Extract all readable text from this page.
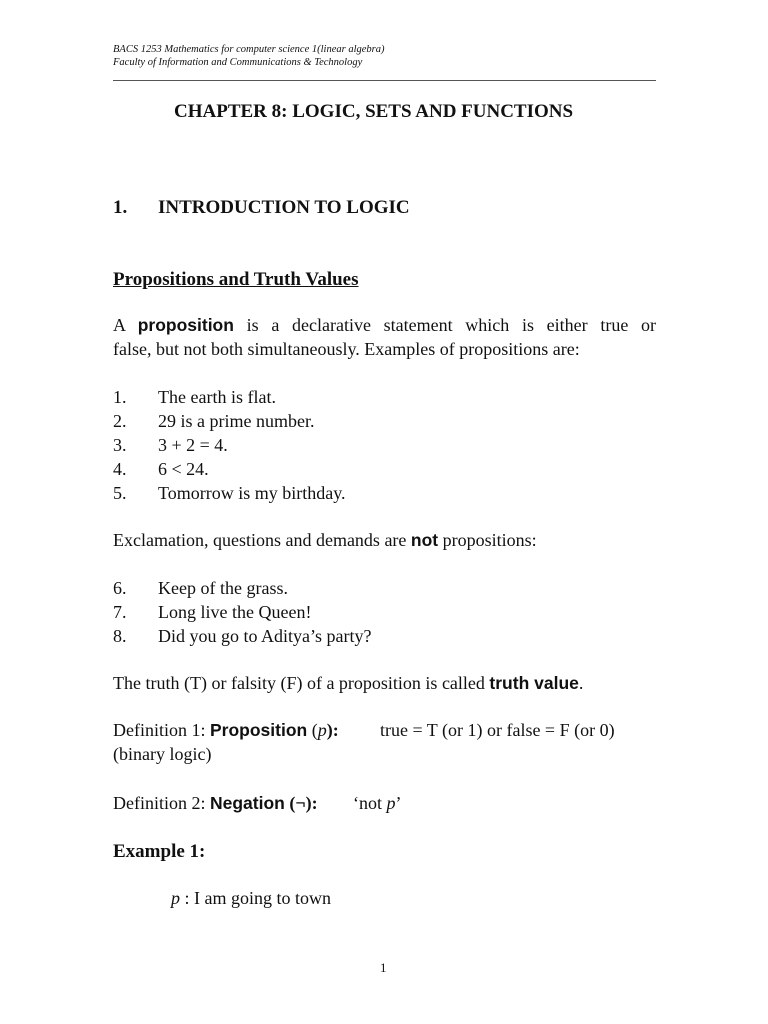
BACS 1253 Mathematics for computer science 1(linear algebra)
Faculty of Information and Communications & Technology
CHAPTER 8: LOGIC, SETS AND FUNCTIONS
1. INTRODUCTION TO LOGIC
Propositions and Truth Values
A proposition is a declarative statement which is either true or
false, but not both simultaneously. Examples of propositions are:
1. The earth is flat.
2. 29 is a prime number.
3. 3 + 2 = 4.
4. 6 < 24.
5. Tomorrow is my birthday.
Exclamation, questions and demands are not propositions:
6. Keep of the grass.
7. Long live the Queen!
8. Did you go to Aditya’s party?
The truth (T) or falsity (F) of a proposition is called truth value.
Definition 1: Proposition (p): true = T (or 1) or false = F (or 0)
(binary logic)
Definition 2: Negation (¬): ‘not p’
Example 1:
p : I am going to town
1
